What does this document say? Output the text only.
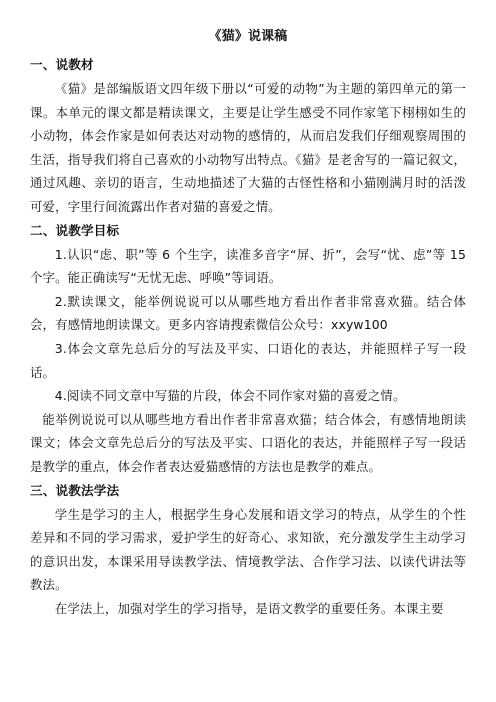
《猫》说课稿
一、说教材

《猫》是部编版语文四年级下册以“可爱的动物”为主题的第四单元的第一课。本单元的课文都是精读课文，主要是让学生感受不同作家笔下栩栩如生的小动物，体会作家是如何表达对动物的感情的，从而启发我们仔细观察周围的生活，指导我们将自己喜欢的小动物写出特点。《猫》是老舍写的一篇记叙文，通过风趣、亲切的语言，生动地描述了大猫的古怪性格和小猫刚满月时的活泼可爱，字里行间流露出作者对猫的喜爱之情。

二、说教学目标

1.认识“虑、职”等 6 个生字，读准多音字“屏、折”，会写“忧、虑”等 15 个字。能正确读写“无忧无虑、呼唤”等词语。

2.默读课文，能举例说说可以从哪些地方看出作者非常喜欢猫。结合体会，有感情地朗读课文。更多内容请搜索微信公众号：xxyw100

3.体会文章先总后分的写法及平实、口语化的表达，并能照样子写一段话。

4.阅读不同文章中写猫的片段，体会不同作家对猫的喜爱之情。

能举例说说可以从哪些地方看出作者非常喜欢猫；结合体会，有感情地朗读课文；体会文章先总后分的写法及平实、口语化的表达，并能照样子写一段话是教学的重点，体会作者表达爱猫感情的方法也是教学的难点。

三、说教法学法

学生是学习的主人，根据学生身心发展和语文学习的特点，从学生的个性差异和不同的学习需求，爱护学生的好奇心、求知欲，充分激发学生主动学习的意识出发，本课采用导读教学法、情境教学法、合作学习法、以读代讲法等教法。

在学法上，加强对学生的学习指导，是语文教学的重要任务。本课主要
